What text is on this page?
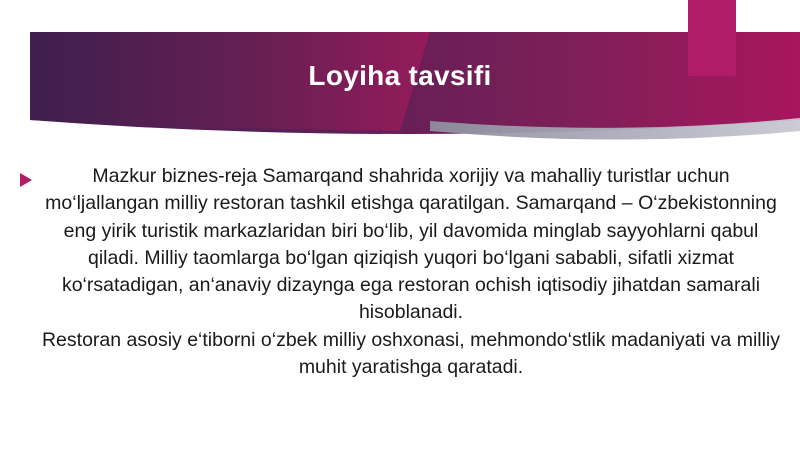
Loyiha tavsifi
Mazkur biznes-reja Samarqand shahrida xorijiy va mahalliy turistlar uchun mo‘ljallangan milliy restoran tashkil etishga qaratilgan. Samarqand – O‘zbekistonning eng yirik turistik markazlaridan biri bo‘lib, yil davomida minglab sayyohlarni qabul qiladi. Milliy taomlarga bo‘lgan qiziqish yuqori bo‘lgani sababli, sifatli xizmat ko‘rsatadigan, an‘anaviy dizaynga ega restoran ochish iqtisodiy jihatdan samarali hisoblanadi.
Restoran asosiy e‘tiborni o‘zbek milliy oshxonasi, mehmondo‘stlik madaniyati va milliy muhit yaratishga qaratadi.
